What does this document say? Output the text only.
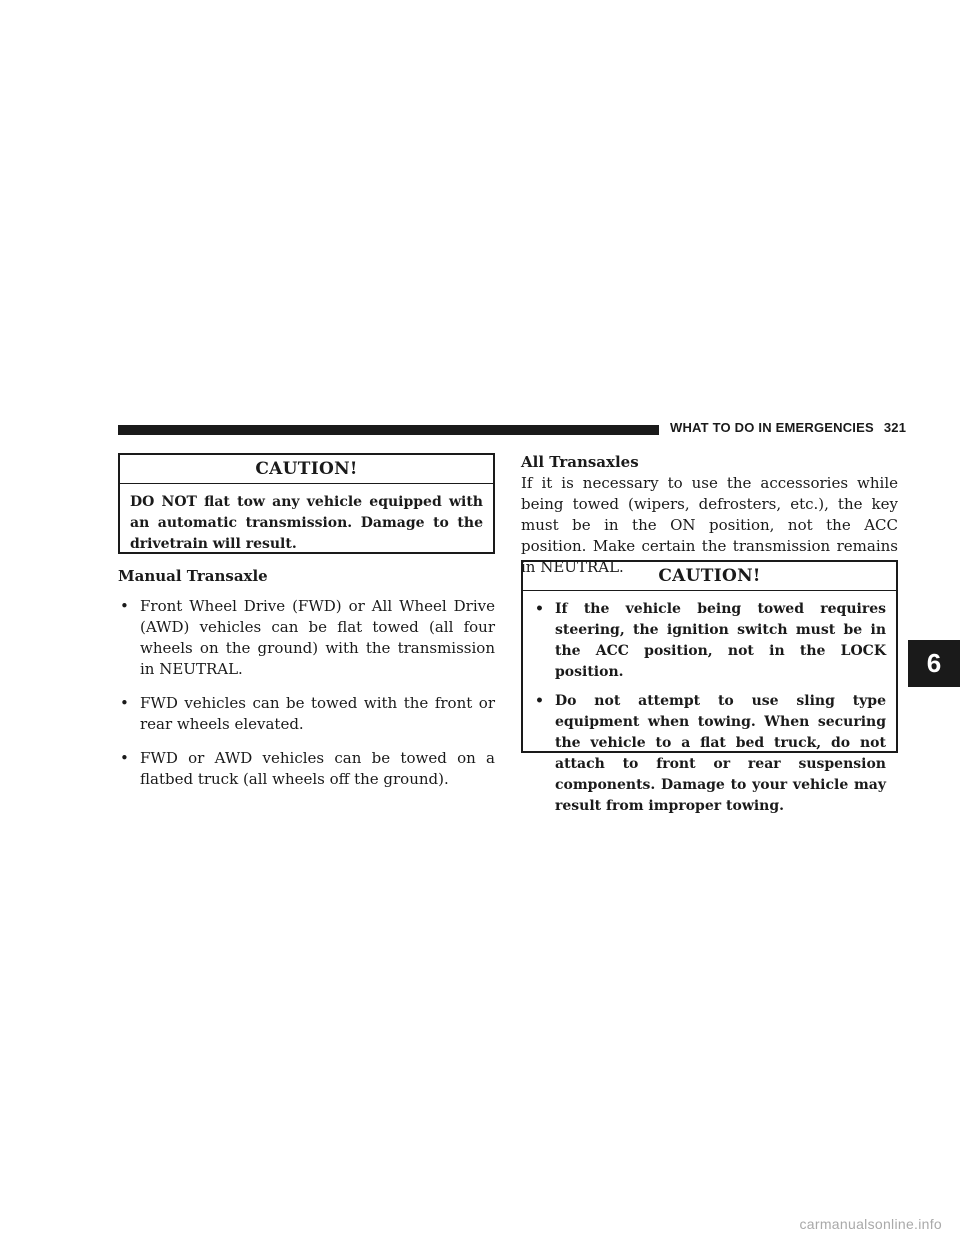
WHAT TO DO IN EMERGENCIES 321
CAUTION!
DO NOT flat tow any vehicle equipped with an automatic transmission. Damage to the drivetrain will result.
Manual Transaxle
• Front Wheel Drive (FWD) or All Wheel Drive (AWD) vehicles can be flat towed (all four wheels on the ground) with the transmission in NEUTRAL.
• FWD vehicles can be towed with the front or rear wheels elevated.
• FWD or AWD vehicles can be towed on a flatbed truck (all wheels off the ground).
All Transaxles
If it is necessary to use the accessories while being towed (wipers, defrosters, etc.), the key must be in the ON position, not the ACC position. Make certain the transmission remains in NEUTRAL.	CAUTION!
• If the vehicle being towed requires steering, the ignition switch must be in the ACC position, not in the LOCK position.
• Do not attempt to use sling type equipment when towing. When securing the vehicle to a flat bed truck, do not attach to front or rear suspension components. Damage to your vehicle may result from improper towing.
6
carmanualsonline.info
